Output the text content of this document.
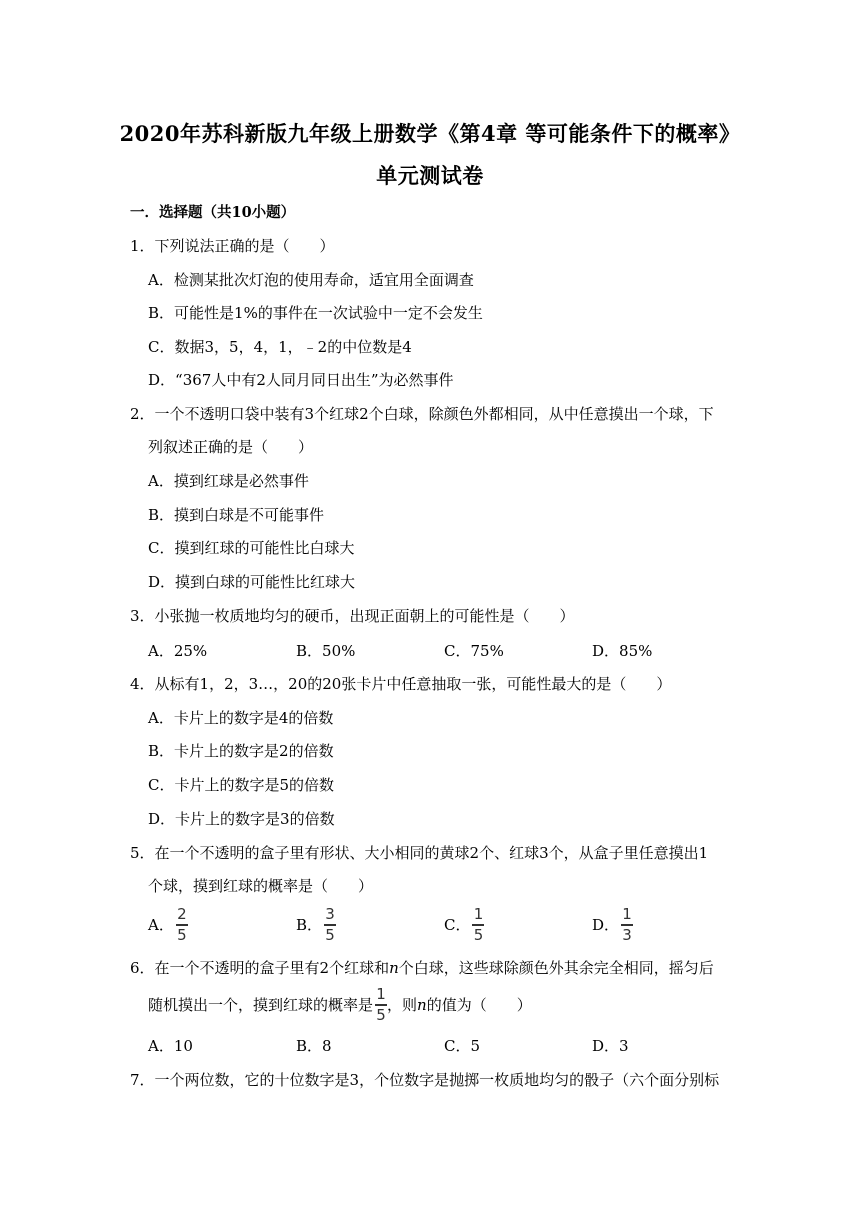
2020年苏科新版九年级上册数学《第4章 等可能条件下的概率》
单元测试卷
一．选择题（共10小题）
1．下列说法正确的是（　　）
A．检测某批次灯泡的使用寿命，适宜用全面调查
B．可能性是1%的事件在一次试验中一定不会发生
C．数据3，5，4，1，﹣2的中位数是4
D．“367人中有2人同月同日出生”为必然事件
2．一个不透明口袋中装有3个红球2个白球，除颜色外都相同，从中任意摸出一个球，下
列叙述正确的是（　　）
A．摸到红球是必然事件
B．摸到白球是不可能事件
C．摸到红球的可能性比白球大
D．摸到白球的可能性比红球大
3．小张抛一枚质地均匀的硬币，出现正面朝上的可能性是（　　）
A．25%	B．50%	C．75%	D．85%
4．从标有1，2，3…，20的20张卡片中任意抽取一张，可能性最大的是（　　）
A．卡片上的数字是4的倍数
B．卡片上的数字是2的倍数
C．卡片上的数字是5的倍数
D．卡片上的数字是3的倍数
5．在一个不透明的盒子里有形状、大小相同的黄球2个、红球3个，从盒子里任意摸出1
个球，摸到红球的概率是（　　）
A． $\frac{2}{5}$	B． $\frac{3}{5}$	C． $\frac{1}{5}$	D． $\frac{1}{3}$
6．在一个不透明的盒子里有2个红球和 n 个白球，这些球除颜色外其余完全相同，摇匀后
随机摸出一个，摸到红球的概率是 $\frac{1}{5}$ ，则 n 的值为（　　）
A．10	B．8	C．5	D．3
7．一个两位数，它的十位数字是3，个位数字是抛掷一枚质地均匀的骰子（六个面分别标
